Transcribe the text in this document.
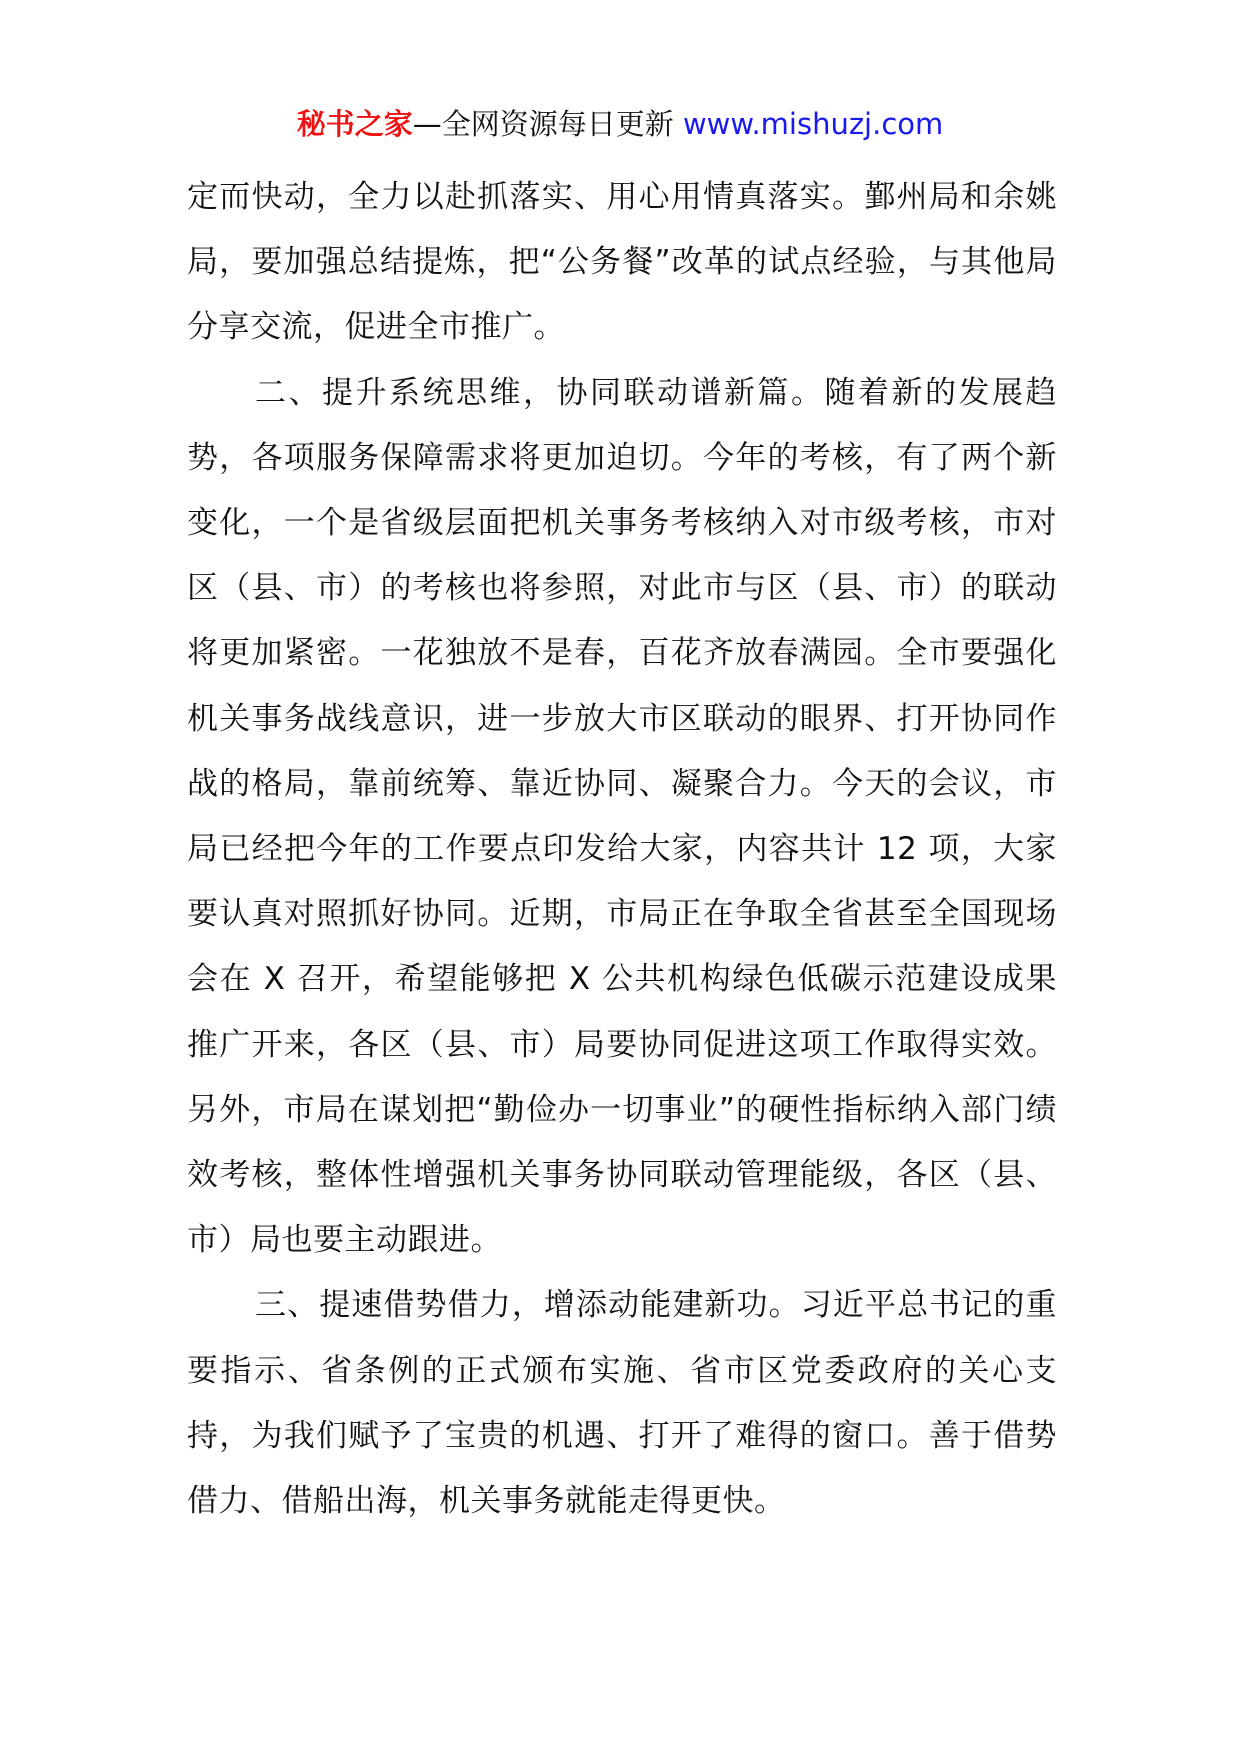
秘书之家—全网资源每日更新 www.mishuzj.com

定而快动，全力以赴抓落实、用心用情真落实。鄞州局和余姚局，要加强总结提炼，把“公务餐”改革的试点经验，与其他局分享交流，促进全市推广。

二、提升系统思维，协同联动谱新篇。随着新的发展趋势，各项服务保障需求将更加迫切。今年的考核，有了两个新变化，一个是省级层面把机关事务考核纳入对市级考核，市对区（县、市）的考核也将参照，对此市与区（县、市）的联动将更加紧密。一花独放不是春，百花齐放春满园。全市要强化机关事务战线意识，进一步放大市区联动的眼界、打开协同作战的格局，靠前统筹、靠近协同、凝聚合力。今天的会议，市局已经把今年的工作要点印发给大家，内容共计 12 项，大家要认真对照抓好协同。近期，市局正在争取全省甚至全国现场会在 X 召开，希望能够把 X 公共机构绿色低碳示范建设成果推广开来，各区（县、市）局要协同促进这项工作取得实效。另外，市局在谋划把“勤俭办一切事业”的硬性指标纳入部门绩效考核，整体性增强机关事务协同联动管理能级，各区（县、市）局也要主动跟进。

三、提速借势借力，增添动能建新功。习近平总书记的重要指示、省条例的正式颁布实施、省市区党委政府的关心支持，为我们赋予了宝贵的机遇、打开了难得的窗口。善于借势借力、借船出海，机关事务就能走得更快。
